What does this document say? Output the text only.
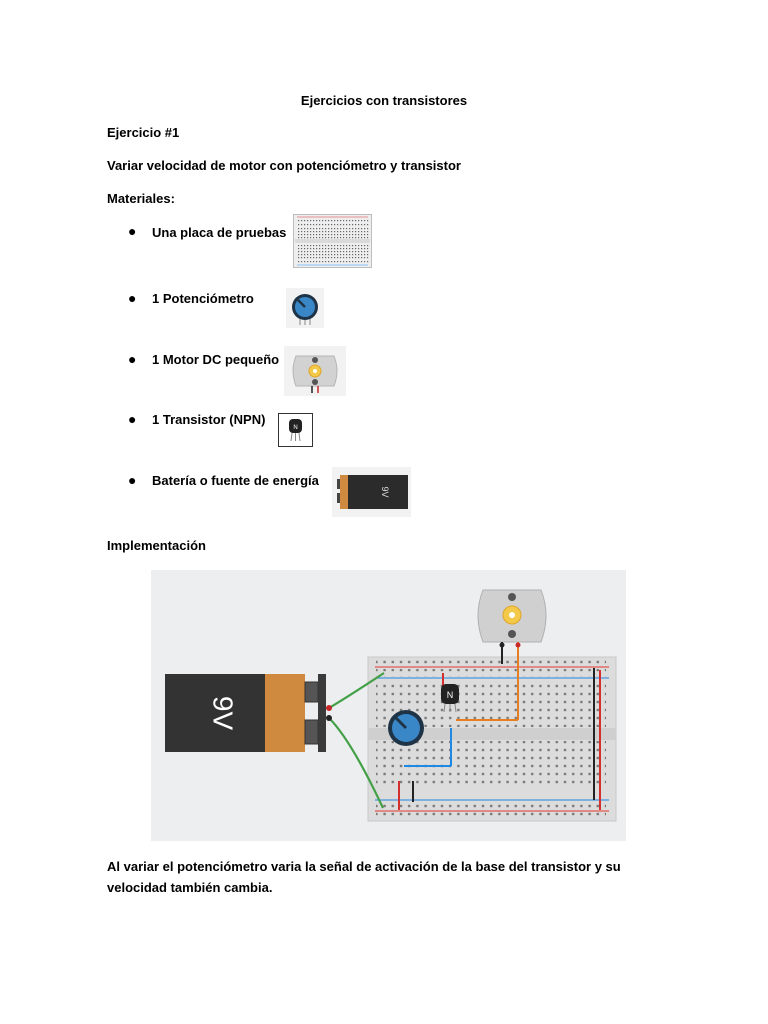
Ejercicios con transistores
Ejercicio #1
Variar velocidad de motor con potenciómetro y transistor
Materiales:
● Una placa de pruebas
● 1 Potenciómetro
● 1 Motor DC pequeño
● 1 Transistor (NPN)
● Batería o fuente de energía
N
9V
Implementación
9V
N
Al variar el potenciómetro varia la señal de activación de la base del transistor y su velocidad también cambia.
